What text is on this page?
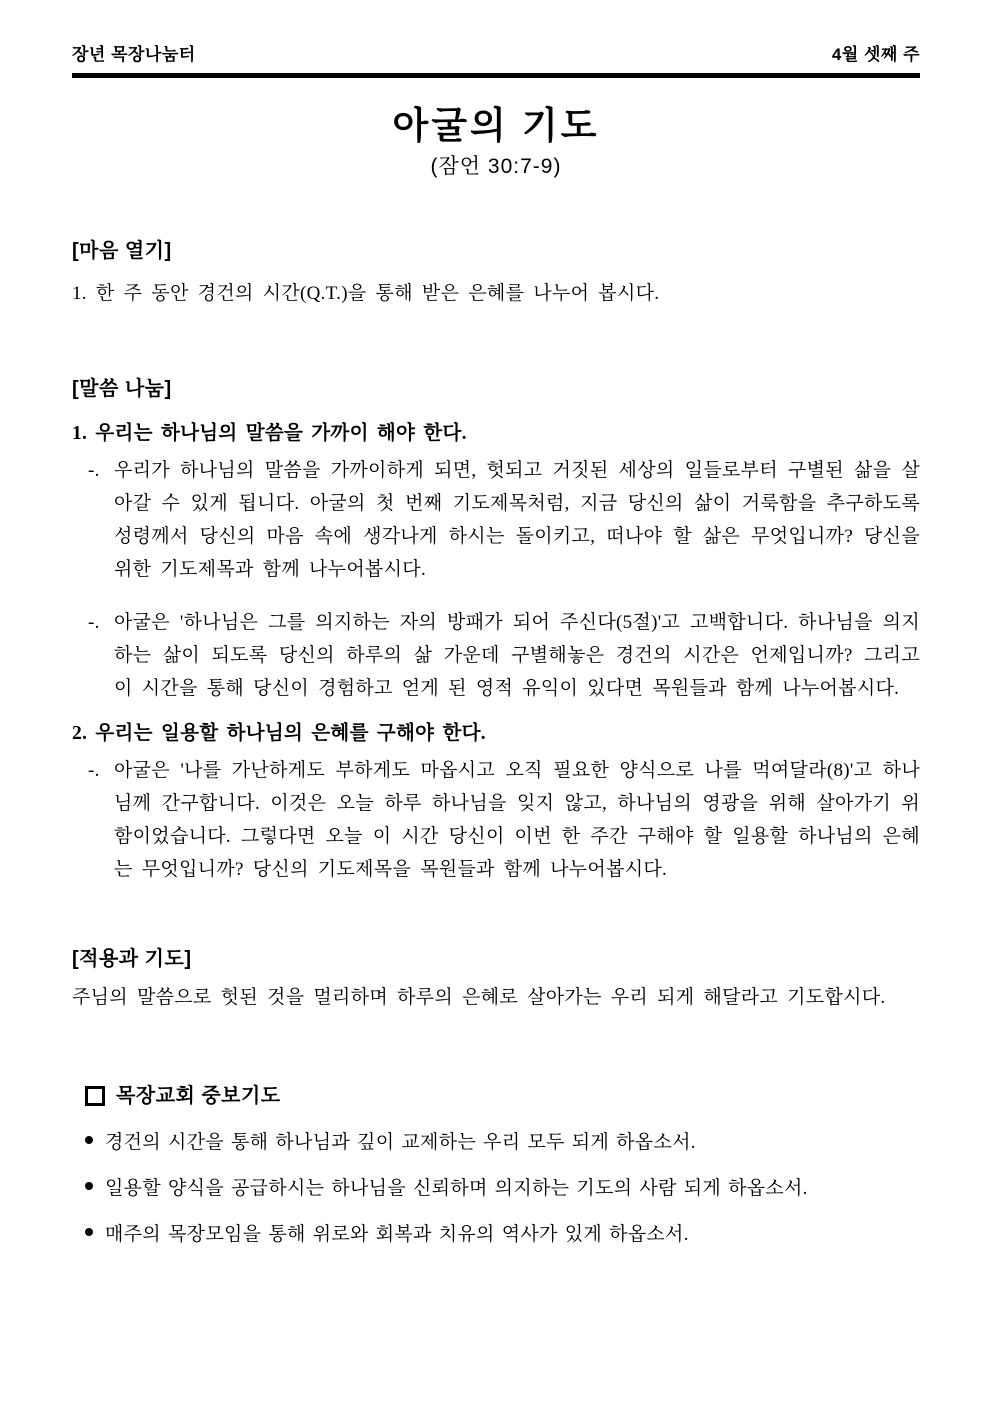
장년 목장나눔터	4월 셋째 주
아굴의 기도
(잠언 30:7-9)
[마음 열기]

1. 한 주 동안 경건의 시간(Q.T.)을 통해 받은 은혜를 나누어 봅시다.

[말씀 나눔]
1. 우리는 하나님의 말씀을 가까이 해야 한다.
-. 우리가 하나님의 말씀을 가까이하게 되면, 헛되고 거짓된 세상의 일들로부터 구별된 삶을 살아갈 수 있게 됩니다. 아굴의 첫 번째 기도제목처럼, 지금 당신의 삶이 거룩함을 추구하도록 성령께서 당신의 마음 속에 생각나게 하시는 돌이키고, 떠나야 할 삶은 무엇입니까? 당신을 위한 기도제목과 함께 나누어봅시다.
-. 아굴은 '하나님은 그를 의지하는 자의 방패가 되어 주신다(5절)'고 고백합니다. 하나님을 의지하는 삶이 되도록 당신의 하루의 삶 가운데 구별해놓은 경건의 시간은 언제입니까? 그리고 이 시간을 통해 당신이 경험하고 얻게 된 영적 유익이 있다면 목원들과 함께 나누어봅시다.
2. 우리는 일용할 하나님의 은혜를 구해야 한다.
-. 아굴은 '나를 가난하게도 부하게도 마옵시고 오직 필요한 양식으로 나를 먹여달라(8)'고 하나님께 간구합니다. 이것은 오늘 하루 하나님을 잊지 않고, 하나님의 영광을 위해 살아가기 위함이었습니다. 그렇다면 오늘 이 시간 당신이 이번 한 주간 구해야 할 일용할 하나님의 은혜는 무엇입니까? 당신의 기도제목을 목원들과 함께 나누어봅시다.
[적용과 기도]

주님의 말씀으로 헛된 것을 멀리하며 하루의 은혜로 살아가는 우리 되게 해달라고 기도합시다.

목장교회 중보기도
경건의 시간을 통해 하나님과 깊이 교제하는 우리 모두 되게 하옵소서.
일용할 양식을 공급하시는 하나님을 신뢰하며 의지하는 기도의 사람 되게 하옵소서.
매주의 목장모임을 통해 위로와 회복과 치유의 역사가 있게 하옵소서.
